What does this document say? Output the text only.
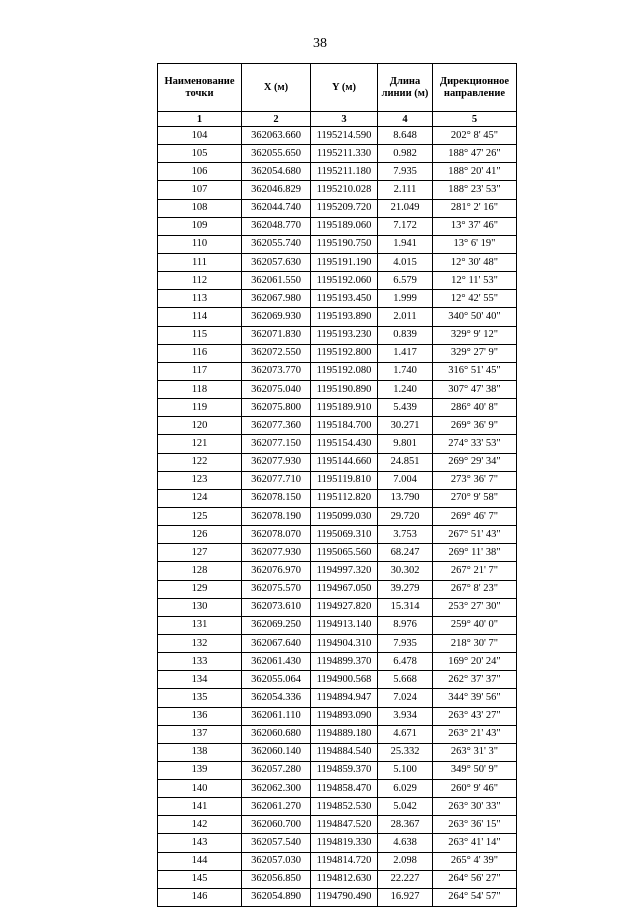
38
Наименование точки	X (м)	Y (м)	Длина линии (м)	Дирекционное направление
1	2	3	4	5
104	362063.660	1195214.590	8.648	202° 8' 45"
105	362055.650	1195211.330	0.982	188° 47' 26"
106	362054.680	1195211.180	7.935	188° 20' 41"
107	362046.829	1195210.028	2.111	188° 23' 53"
108	362044.740	1195209.720	21.049	281° 2' 16"
109	362048.770	1195189.060	7.172	13° 37' 46"
110	362055.740	1195190.750	1.941	13° 6' 19"
111	362057.630	1195191.190	4.015	12° 30' 48"
112	362061.550	1195192.060	6.579	12° 11' 53"
113	362067.980	1195193.450	1.999	12° 42' 55"
114	362069.930	1195193.890	2.011	340° 50' 40"
115	362071.830	1195193.230	0.839	329° 9' 12"
116	362072.550	1195192.800	1.417	329° 27' 9"
117	362073.770	1195192.080	1.740	316° 51' 45"
118	362075.040	1195190.890	1.240	307° 47' 38"
119	362075.800	1195189.910	5.439	286° 40' 8"
120	362077.360	1195184.700	30.271	269° 36' 9"
121	362077.150	1195154.430	9.801	274° 33' 53"
122	362077.930	1195144.660	24.851	269° 29' 34"
123	362077.710	1195119.810	7.004	273° 36' 7"
124	362078.150	1195112.820	13.790	270° 9' 58"
125	362078.190	1195099.030	29.720	269° 46' 7"
126	362078.070	1195069.310	3.753	267° 51' 43"
127	362077.930	1195065.560	68.247	269° 11' 38"
128	362076.970	1194997.320	30.302	267° 21' 7"
129	362075.570	1194967.050	39.279	267° 8' 23"
130	362073.610	1194927.820	15.314	253° 27' 30"
131	362069.250	1194913.140	8.976	259° 40' 0"
132	362067.640	1194904.310	7.935	218° 30' 7"
133	362061.430	1194899.370	6.478	169° 20' 24"
134	362055.064	1194900.568	5.668	262° 37' 37"
135	362054.336	1194894.947	7.024	344° 39' 56"
136	362061.110	1194893.090	3.934	263° 43' 27"
137	362060.680	1194889.180	4.671	263° 21' 43"
138	362060.140	1194884.540	25.332	263° 31' 3"
139	362057.280	1194859.370	5.100	349° 50' 9"
140	362062.300	1194858.470	6.029	260° 9' 46"
141	362061.270	1194852.530	5.042	263° 30' 33"
142	362060.700	1194847.520	28.367	263° 36' 15"
143	362057.540	1194819.330	4.638	263° 41' 14"
144	362057.030	1194814.720	2.098	265° 4' 39"
145	362056.850	1194812.630	22.227	264° 56' 27"
146	362054.890	1194790.490	16.927	264° 54' 57"
